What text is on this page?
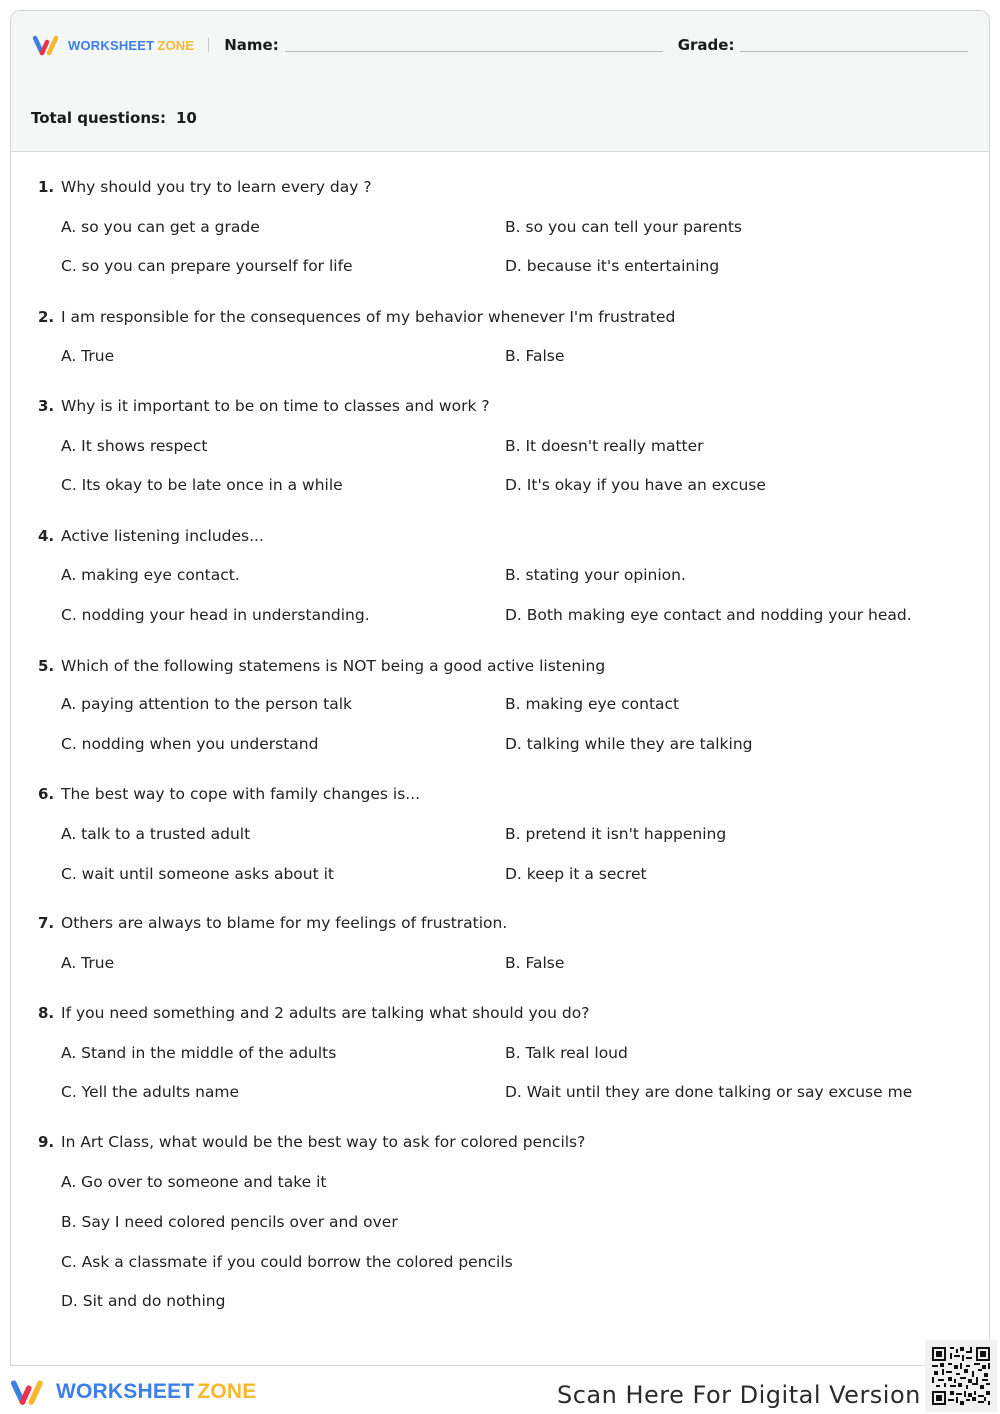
WORKSHEET ZONE Name:	Grade:
Total questions: 10
1. Why should you try to learn every day ?
A. so you can get a grade	B. so you can tell your parents
C. so you can prepare yourself for life	D. because it's entertaining
2. I am responsible for the consequences of my behavior whenever I'm frustrated
A. True	B. False
3. Why is it important to be on time to classes and work ?
A. It shows respect	B. It doesn't really matter
C. Its okay to be late once in a while	D. It's okay if you have an excuse
4. Active listening includes...
A. making eye contact.	B. stating your opinion.
C. nodding your head in understanding.	D. Both making eye contact and nodding your head.
5. Which of the following statemens is NOT being a good active listening
A. paying attention to the person talk	B. making eye contact
C. nodding when you understand	D. talking while they are talking
6. The best way to cope with family changes is...
A. talk to a trusted adult	B. pretend it isn't happening
C. wait until someone asks about it	D. keep it a secret
7. Others are always to blame for my feelings of frustration.
A. True	B. False
8. If you need something and 2 adults are talking what should you do?
A. Stand in the middle of the adults	B. Talk real loud
C. Yell the adults name	D. Wait until they are done talking or say excuse me
9. In Art Class, what would be the best way to ask for colored pencils?
A. Go over to someone and take it
B. Say I need colored pencils over and over
C. Ask a classmate if you could borrow the colored pencils
D. Sit and do nothing
WORKSHEET ZONE	Scan Here For Digital Version
